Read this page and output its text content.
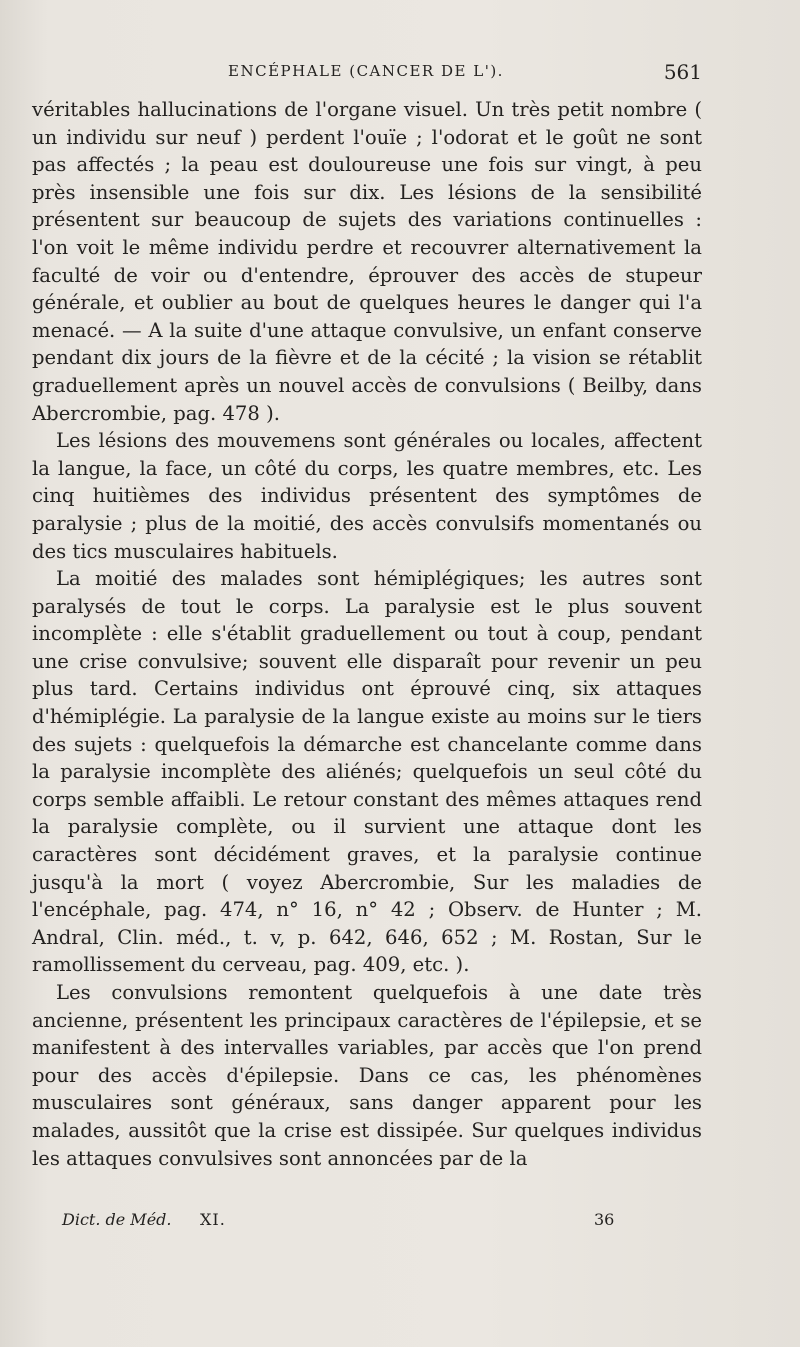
ENCÉPHALE (CANCER DE L').	561

véritables hallucinations de l'organe visuel. Un très petit nombre ( un individu sur neuf ) perdent l'ouïe ; l'odorat et le goût ne sont pas affectés ; la peau est douloureuse une fois sur vingt, à peu près insensible une fois sur dix. Les lésions de la sensibilité présentent sur beaucoup de sujets des variations continuelles : l'on voit le même individu perdre et recouvrer alternativement la faculté de voir ou d'entendre, éprouver des accès de stupeur générale, et oublier au bout de quelques heures le danger qui l'a menacé. — A la suite d'une attaque convulsive, un enfant conserve pendant dix jours de la fièvre et de la cécité ; la vision se rétablit graduellement après un nouvel accès de convulsions ( Beilby, dans Abercrombie, pag. 478 ).

Les lésions des mouvemens sont générales ou locales, affectent la langue, la face, un côté du corps, les quatre membres, etc. Les cinq huitièmes des individus présentent des symptômes de paralysie ; plus de la moitié, des accès convulsifs momentanés ou des tics musculaires habituels.

La moitié des malades sont hémiplégiques; les autres sont paralysés de tout le corps. La paralysie est le plus souvent incomplète : elle s'établit graduellement ou tout à coup, pendant une crise convulsive; souvent elle disparaît pour revenir un peu plus tard. Certains individus ont éprouvé cinq, six attaques d'hémiplégie. La paralysie de la langue existe au moins sur le tiers des sujets : quelquefois la démarche est chancelante comme dans la paralysie incomplète des aliénés; quelquefois un seul côté du corps semble affaibli. Le retour constant des mêmes attaques rend la paralysie complète, ou il survient une attaque dont les caractères sont décidément graves, et la paralysie continue jusqu'à la mort ( voyez Abercrombie, Sur les maladies de l'encéphale, pag. 474, n° 16, n° 42 ; Observ. de Hunter ; M. Andral, Clin. méd., t. v, p. 642, 646, 652 ; M. Rostan, Sur le ramollissement du cerveau, pag. 409, etc. ).

Les convulsions remontent quelquefois à une date très ancienne, présentent les principaux caractères de l'épilepsie, et se manifestent à des intervalles variables, par accès que l'on prend pour des accès d'épilepsie. Dans ce cas, les phénomènes musculaires sont généraux, sans danger apparent pour les malades, aussitôt que la crise est dissipée. Sur quelques individus les attaques convulsives sont annoncées par de la

Dict. de Méd. XI.	36
